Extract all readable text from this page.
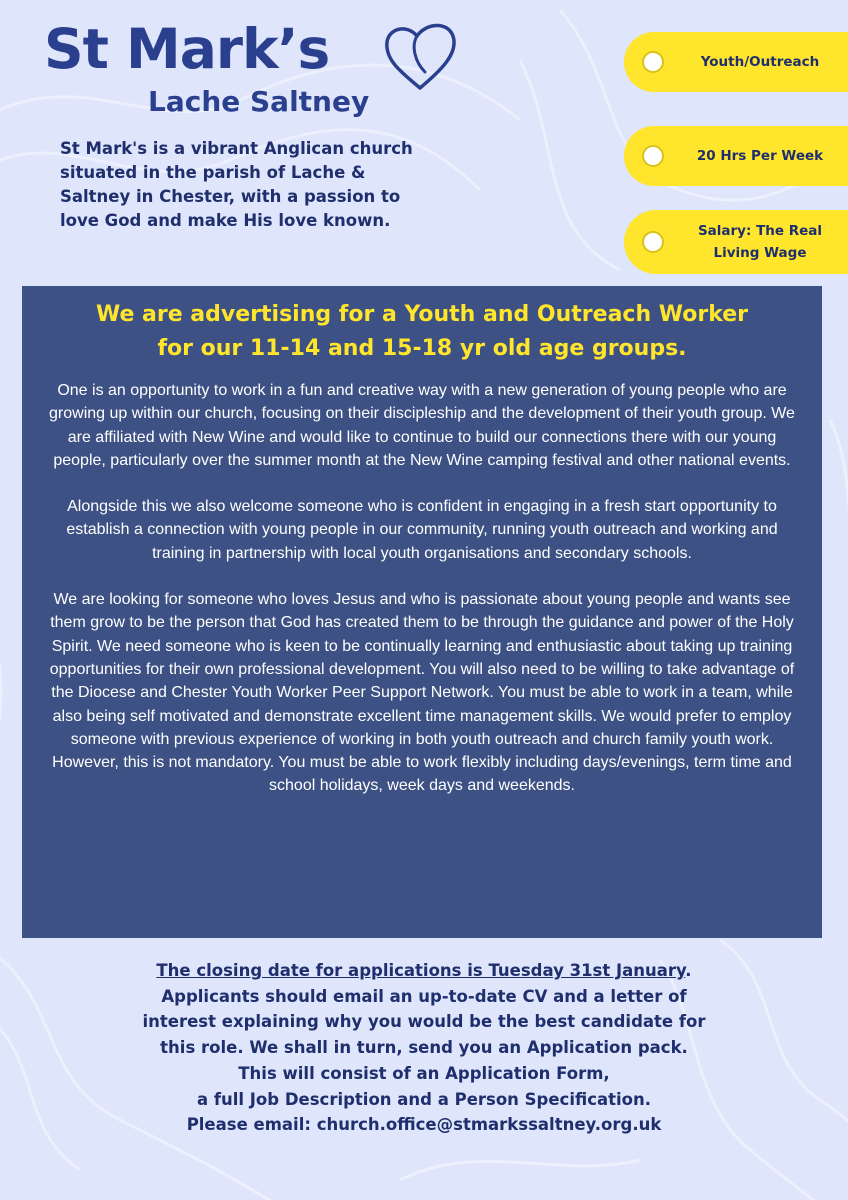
St Mark’s
Lache Saltney
St Mark's is a vibrant Anglican church situated in the parish of Lache & Saltney in Chester, with a passion to love God and make His love known.
Youth/Outreach
20 Hrs Per Week
Salary: The Real
Living Wage
We are advertising for a Youth and Outreach Worker
for our 11-14 and 15-18 yr old age groups.

One is an opportunity to work in a fun and creative way with a new generation of young people who are growing up within our church, focusing on their discipleship and the development of their youth group. We are affiliated with New Wine and would like to continue to build our connections there with our young people, particularly over the summer month at the New Wine camping festival and other national events.

Alongside this we also welcome someone who is confident in engaging in a fresh start opportunity to establish a connection with young people in our community, running youth outreach and working and training in partnership with local youth organisations and secondary schools.

We are looking for someone who loves Jesus and who is passionate about young people and wants see them grow to be the person that God has created them to be through the guidance and power of the Holy Spirit. We need someone who is keen to be continually learning and enthusiastic about taking up training opportunities for their own professional development. You will also need to be willing to take advantage of the Diocese and Chester Youth Worker Peer Support Network. You must be able to work in a team, while also being self motivated and demonstrate excellent time management skills. We would prefer to employ someone with previous experience of working in both youth outreach and church family youth work. However, this is not mandatory. You must be able to work flexibly including days/evenings, term time and school holidays, week days and weekends.

The closing date for applications is Tuesday 31st January.
Applicants should email an up-to-date CV and a letter of
interest explaining why you would be the best candidate for
this role. We shall in turn, send you an Application pack.
This will consist of an Application Form,
a full Job Description and a Person Specification.
Please email: church.office@stmarkssaltney.org.uk
